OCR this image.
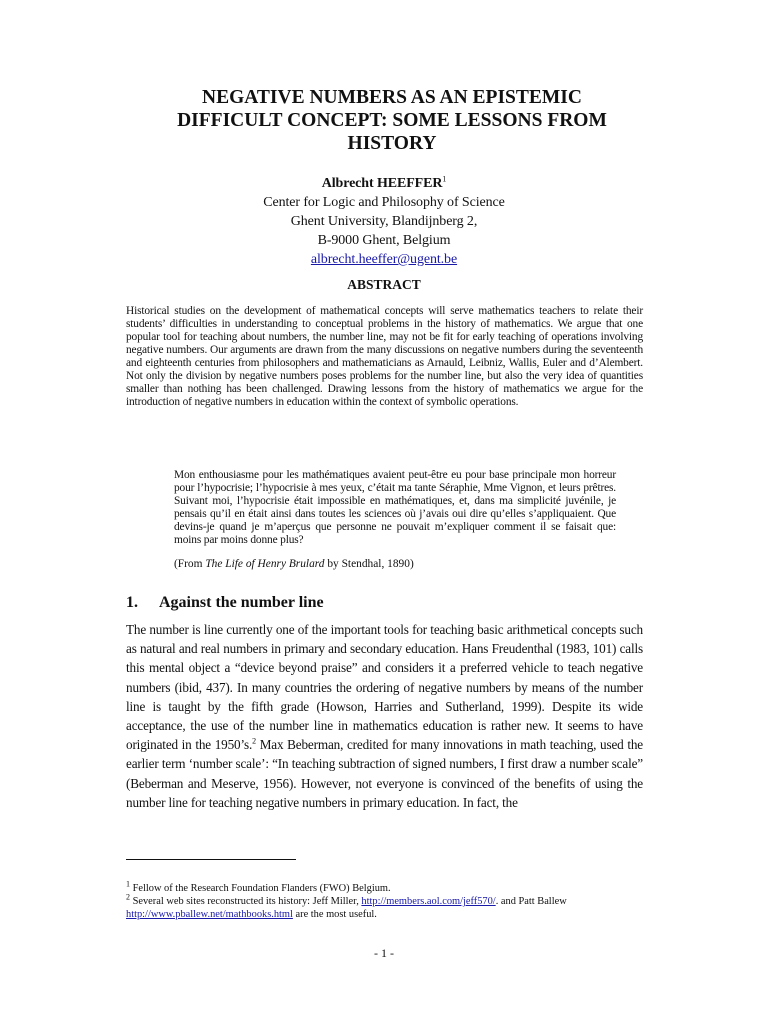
NEGATIVE NUMBERS AS AN EPISTEMIC
DIFFICULT CONCEPT: SOME LESSONS FROM
HISTORY
Albrecht HEEFFER$^1$
Center for Logic and Philosophy of Science
Ghent University, Blandijnberg 2,
B-9000 Ghent, Belgium
albrecht.heeffer@ugent.be
ABSTRACT
Historical studies on the development of mathematical concepts will serve mathematics teachers to relate their students’ difficulties in understanding to conceptual problems in the history of mathematics. We argue that one popular tool for teaching about numbers, the number line, may not be fit for early teaching of operations involving negative numbers. Our arguments are drawn from the many discussions on negative numbers during the seventeenth and eighteenth centuries from philosophers and mathematicians as Arnauld, Leibniz, Wallis, Euler and d’Alembert. Not only the division by negative numbers poses problems for the number line, but also the very idea of quantities smaller than nothing has been challenged. Drawing lessons from the history of mathematics we argue for the introduction of negative numbers in education within the context of symbolic operations.
Mon enthousiasme pour les mathématiques avaient peut-être eu pour base principale mon horreur pour l’hypocrisie; l’hypocrisie à mes yeux, c’était ma tante Séraphie, Mme Vignon, et leurs prêtres. Suivant moi, l’hypocrisie était impossible en mathématiques, et, dans ma simplicité juvénile, je pensais qu’il en était ainsi dans toutes les sciences où j’avais oui dire qu’elles s’appliquaient. Que devins-je quand je m’aperçus que personne ne pouvait m’expliquer comment il se faisait que: moins par moins donne plus?
(From The Life of Henry Brulard by Stendhal, 1890)
1. Against the number line
The number is line currently one of the important tools for teaching basic arithmetical concepts such as natural and real numbers in primary and secondary education. Hans Freudenthal (1983, 101) calls this mental object a “device beyond praise” and considers it a preferred vehicle to teach negative numbers (ibid, 437). In many countries the ordering of negative numbers by means of the number line is taught by the fifth grade (Howson, Harries and Sutherland, 1999). Despite its wide acceptance, the use of the number line in mathematics education is rather new. It seems to have originated in the 1950’s.$^2$ Max Beberman, credited for many innovations in math teaching, used the earlier term ‘number scale’: “In teaching subtraction of signed numbers, I first draw a number scale” (Beberman and Meserve, 1956). However, not everyone is convinced of the benefits of using the number line for teaching negative numbers in primary education. In fact, the
$^1$ Fellow of the Research Foundation Flanders (FWO) Belgium.
$^2$ Several web sites reconstructed its history: Jeff Miller, http://members.aol.com/jeff570/. and Patt Ballew
http://www.pballew.net/mathbooks.html are the most useful.
- 1 -
